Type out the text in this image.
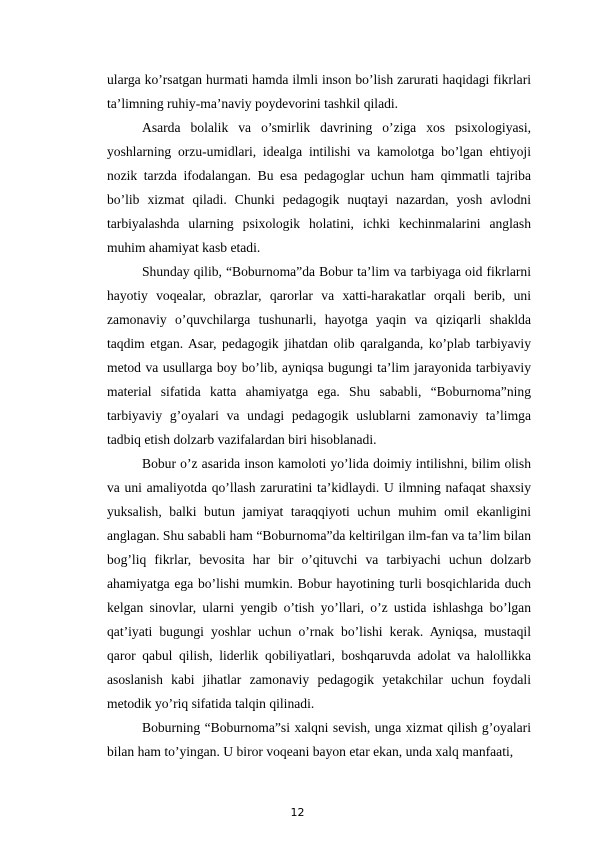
ularga ko’rsatgan hurmati hamda ilmli inson bo’lish zarurati haqidagi fikrlari ta’limning ruhiy-ma’naviy poydevorini tashkil qiladi.

Asarda bolalik va o’smirlik davrining o’ziga xos psixologiyasi, yoshlarning orzu-umidlari, idealga intilishi va kamolotga bo’lgan ehtiyoji nozik tarzda ifodalangan. Bu esa pedagoglar uchun ham qimmatli tajriba bo’lib xizmat qiladi. Chunki pedagogik nuqtayi nazardan, yosh avlodni tarbiyalashda ularning psixologik holatini, ichki kechinmalarini anglash muhim ahamiyat kasb etadi.

Shunday qilib, “Boburnoma”da Bobur ta’lim va tarbiyaga oid fikrlarni hayotiy voqealar, obrazlar, qarorlar va xatti-harakatlar orqali berib, uni zamonaviy o’quvchilarga tushunarli, hayotga yaqin va qiziqarli shaklda taqdim etgan. Asar, pedagogik jihatdan olib qaralganda, ko’plab tarbiyaviy metod va usullarga boy bo’lib, ayniqsa bugungi ta’lim jarayonida tarbiyaviy material sifatida katta ahamiyatga ega. Shu sababli, “Boburnoma”ning tarbiyaviy g’oyalari va undagi pedagogik uslublarni zamonaviy ta’limga tadbiq etish dolzarb vazifalardan biri hisoblanadi.

Bobur o’z asarida inson kamoloti yo’lida doimiy intilishni, bilim olish va uni amaliyotda qo’llash zaruratini ta’kidlaydi. U ilmning nafaqat shaxsiy yuksalish, balki butun jamiyat taraqqiyoti uchun muhim omil ekanligini anglagan. Shu sababli ham “Boburnoma”da keltirilgan ilm-fan va ta’lim bilan bog’liq fikrlar, bevosita har bir o’qituvchi va tarbiyachi uchun dolzarb ahamiyatga ega bo’lishi mumkin. Bobur hayotining turli bosqichlarida duch kelgan sinovlar, ularni yengib o’tish yo’llari, o’z ustida ishlashga bo’lgan qat’iyati bugungi yoshlar uchun o’rnak bo’lishi kerak. Ayniqsa, mustaqil qaror qabul qilish, liderlik qobiliyatlari, boshqaruvda adolat va halollikka asoslanish kabi jihatlar zamonaviy pedagogik yetakchilar uchun foydali metodik yo’riq sifatida talqin qilinadi.

Boburning “Boburnoma”si xalqni sevish, unga xizmat qilish g’oyalari bilan ham to’yingan. U biror voqeani bayon etar ekan, unda xalq manfaati,

12
